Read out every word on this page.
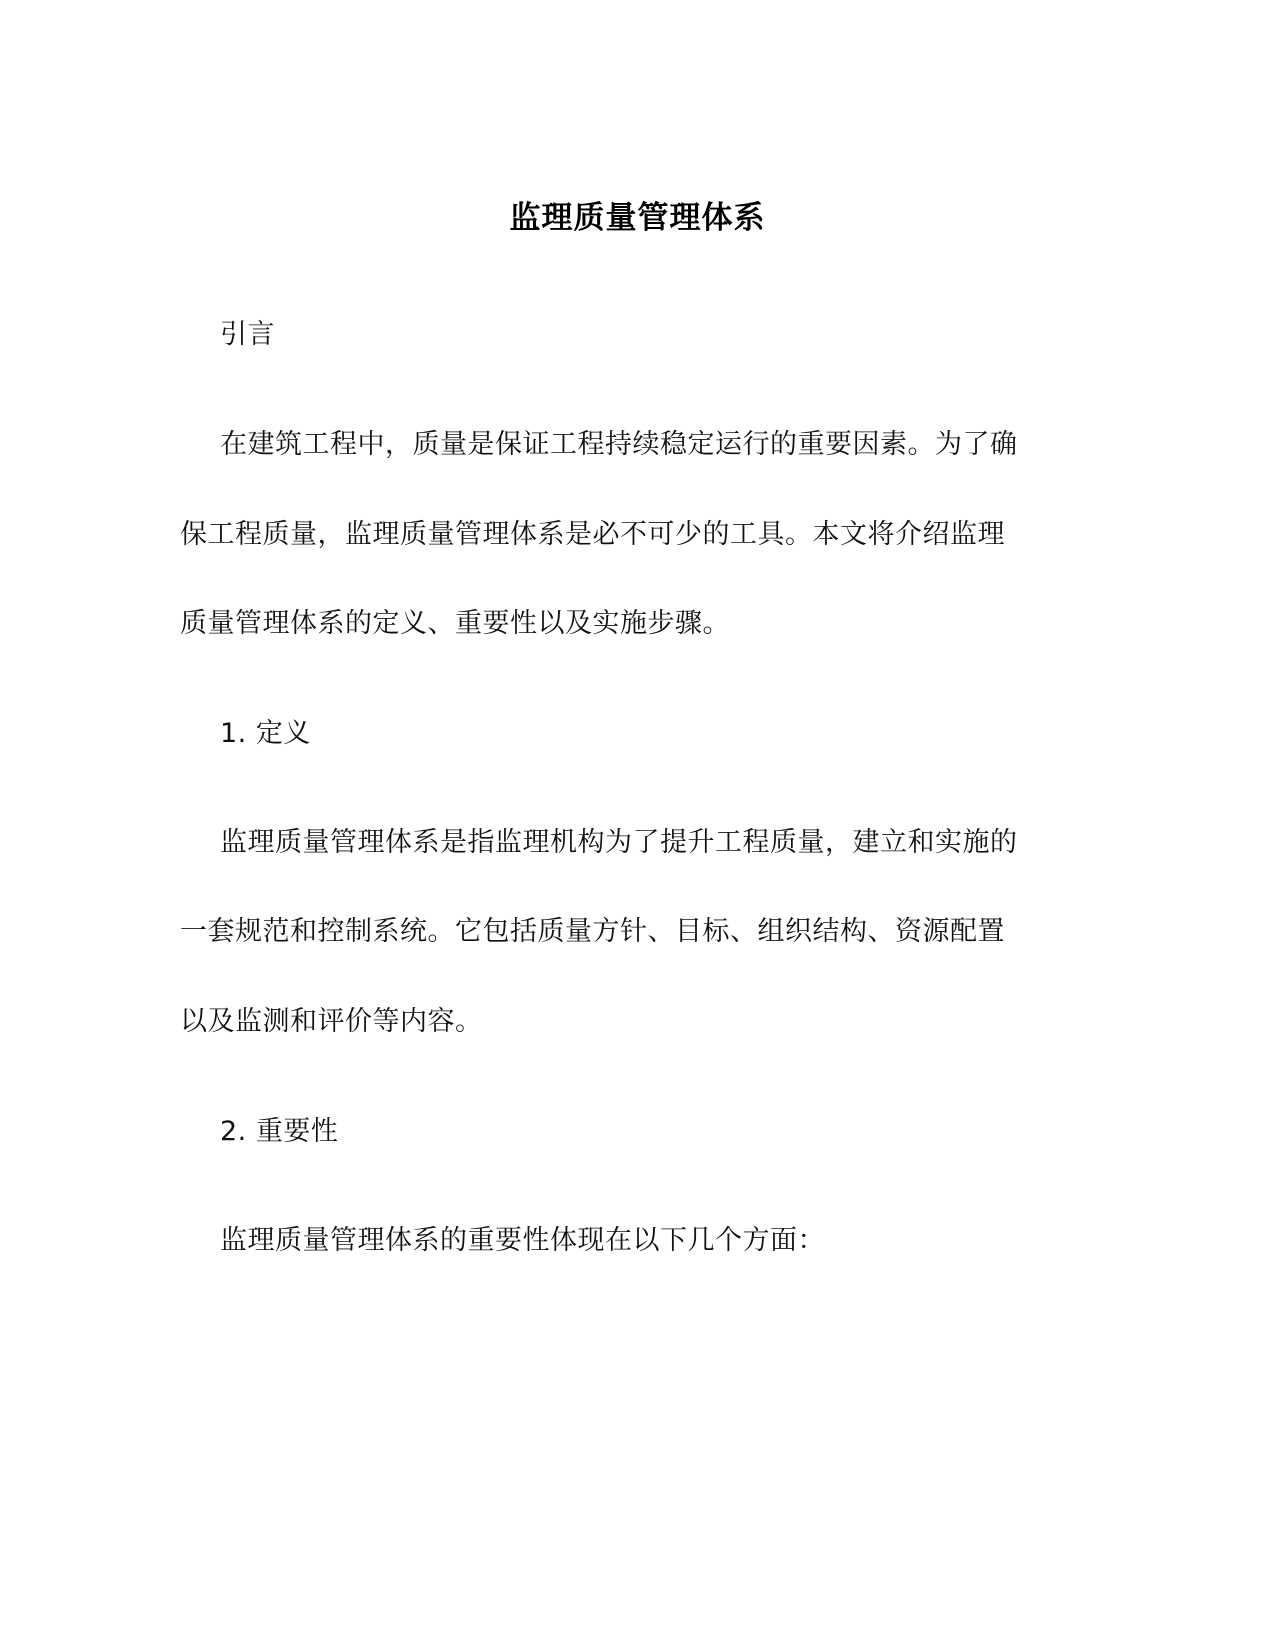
监理质量管理体系
引言
在建筑工程中，质量是保证工程持续稳定运行的重要因素。为了确
保工程质量，监理质量管理体系是必不可少的工具。本文将介绍监理
质量管理体系的定义、重要性以及实施步骤。
1. 定义
监理质量管理体系是指监理机构为了提升工程质量，建立和实施的
一套规范和控制系统。它包括质量方针、目标、组织结构、资源配置
以及监测和评价等内容。
2. 重要性
监理质量管理体系的重要性体现在以下几个方面：
